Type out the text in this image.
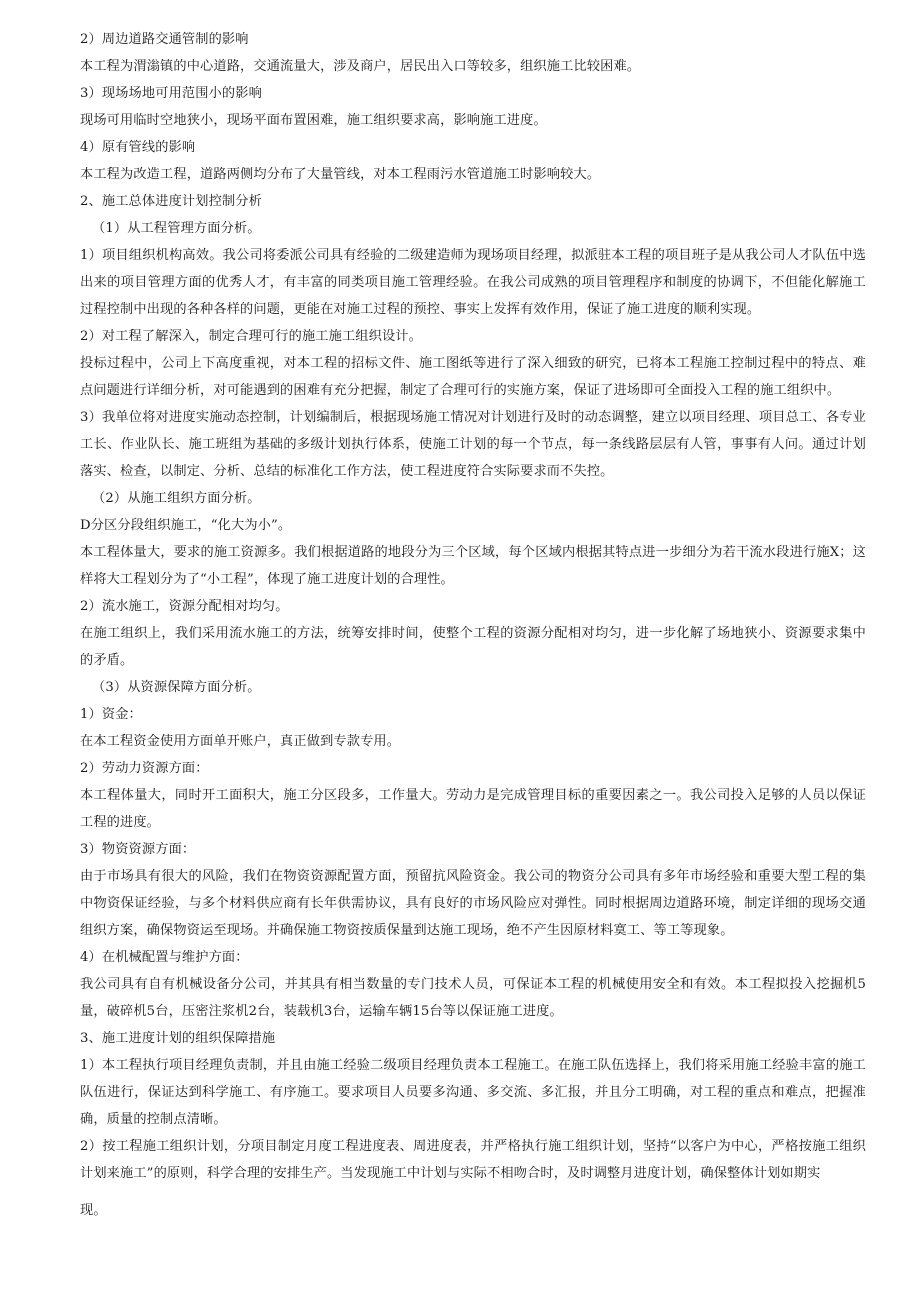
2）周边道路交通管制的影响

本工程为渭滃镇的中心道路，交通流量大，涉及商户，居民出入口等较多，组织施工比较困难。

3）现场场地可用范围小的影响

现场可用临时空地狭小，现场平面布置困难，施工组织要求高，影响施工进度。

4）原有管线的影响

本工程为改造工程，道路两侧均分布了大量管线，对本工程雨污水管道施工时影响较大。

2、施工总体进度计划控制分析

（1）从工程管理方面分析。

1）项目组织机构高效。我公司将委派公司具有经验的二级建造师为现场项目经理，拟派驻本工程的项目班子是从我公司人才队伍中选出来的项目管理方面的优秀人才，有丰富的同类项目施工管理经验。在我公司成熟的项目管理程序和制度的协调下，不但能化解施工过程控制中出现的各种各样的问题，更能在对施工过程的预控、事实上发挥有效作用，保证了施工进度的顺利实现。

2）对工程了解深入，制定合理可行的施工施工组织设计。

投标过程中，公司上下高度重视，对本工程的招标文件、施工图纸等进行了深入细致的研究，已将本工程施工控制过程中的特点、难点问题进行详细分析，对可能遇到的困难有充分把握，制定了合理可行的实施方案，保证了进场即可全面投入工程的施工组织中。

3）我单位将对进度实施动态控制，计划编制后，根据现场施工情况对计划进行及时的动态调整，建立以项目经理、项目总工、各专业工长、作业队长、施工班组为基础的多级计划执行体系，使施工计划的每一个节点，每一条线路层层有人管，事事有人问。通过计划落实、检查，以制定、分析、总结的标准化工作方法，使工程进度符合实际要求而不失控。

（2）从施工组织方面分析。

D分区分段组织施工，“化大为小”。

本工程体量大，要求的施工资源多。我们根据道路的地段分为三个区域，每个区域内根据其特点进一步细分为若干流水段进行施X；这样将大工程划分为了“小工程”，体现了施工进度计划的合理性。

2）流水施工，资源分配相对均匀。

在施工组织上，我们采用流水施工的方法，统筹安排时间，使整个工程的资源分配相对均匀，进一步化解了场地狭小、资源要求集中的矛盾。

（3）从资源保障方面分析。

1）资金：

在本工程资金使用方面单开账户，真正做到专款专用。

2）劳动力资源方面：

本工程体量大，同时开工面积大，施工分区段多，工作量大。劳动力是完成管理目标的重要因素之一。我公司投入足够的人员以保证工程的进度。

3）物资资源方面：

由于市场具有很大的风险，我们在物资资源配置方面，预留抗风险资金。我公司的物资分公司具有多年市场经验和重要大型工程的集中物资保证经验，与多个材料供应商有长年供需协议，具有良好的市场风险应对弹性。同时根据周边道路环境，制定详细的现场交通组织方案，确保物资运至现场。并确保施工物资按质保量到达施工现场，绝不产生因原材料寞工、等工等现象。

4）在机械配置与维护方面：

我公司具有自有机械设备分公司，并其具有相当数量的专门技术人员，可保证本工程的机械使用安全和有效。本工程拟投入挖掘机5量，破碎机5台，压密注浆机2台，装载机3台，运输车辆15台等以保证施工进度。

3、施工进度计划的组织保障措施

1）本工程执行项目经理负责制，并且由施工经验二级项目经理负责本工程施工。在施工队伍选择上，我们将采用施工经验丰富的施工队伍进行，保证达到科学施工、有序施工。要求项目人员要多沟通、多交流、多汇报，并且分工明确，对工程的重点和难点，把握准确，质量的控制点清晰。

2）按工程施工组织计划，分项目制定月度工程进度表、周进度表，并严格执行施工组织计划，坚持“以客户为中心，严格按施工组织计划来施工”的原则，科学合理的安排生产。当发现施工中计划与实际不相吻合时，及时调整月进度计划，确保整体计划如期实

现。
